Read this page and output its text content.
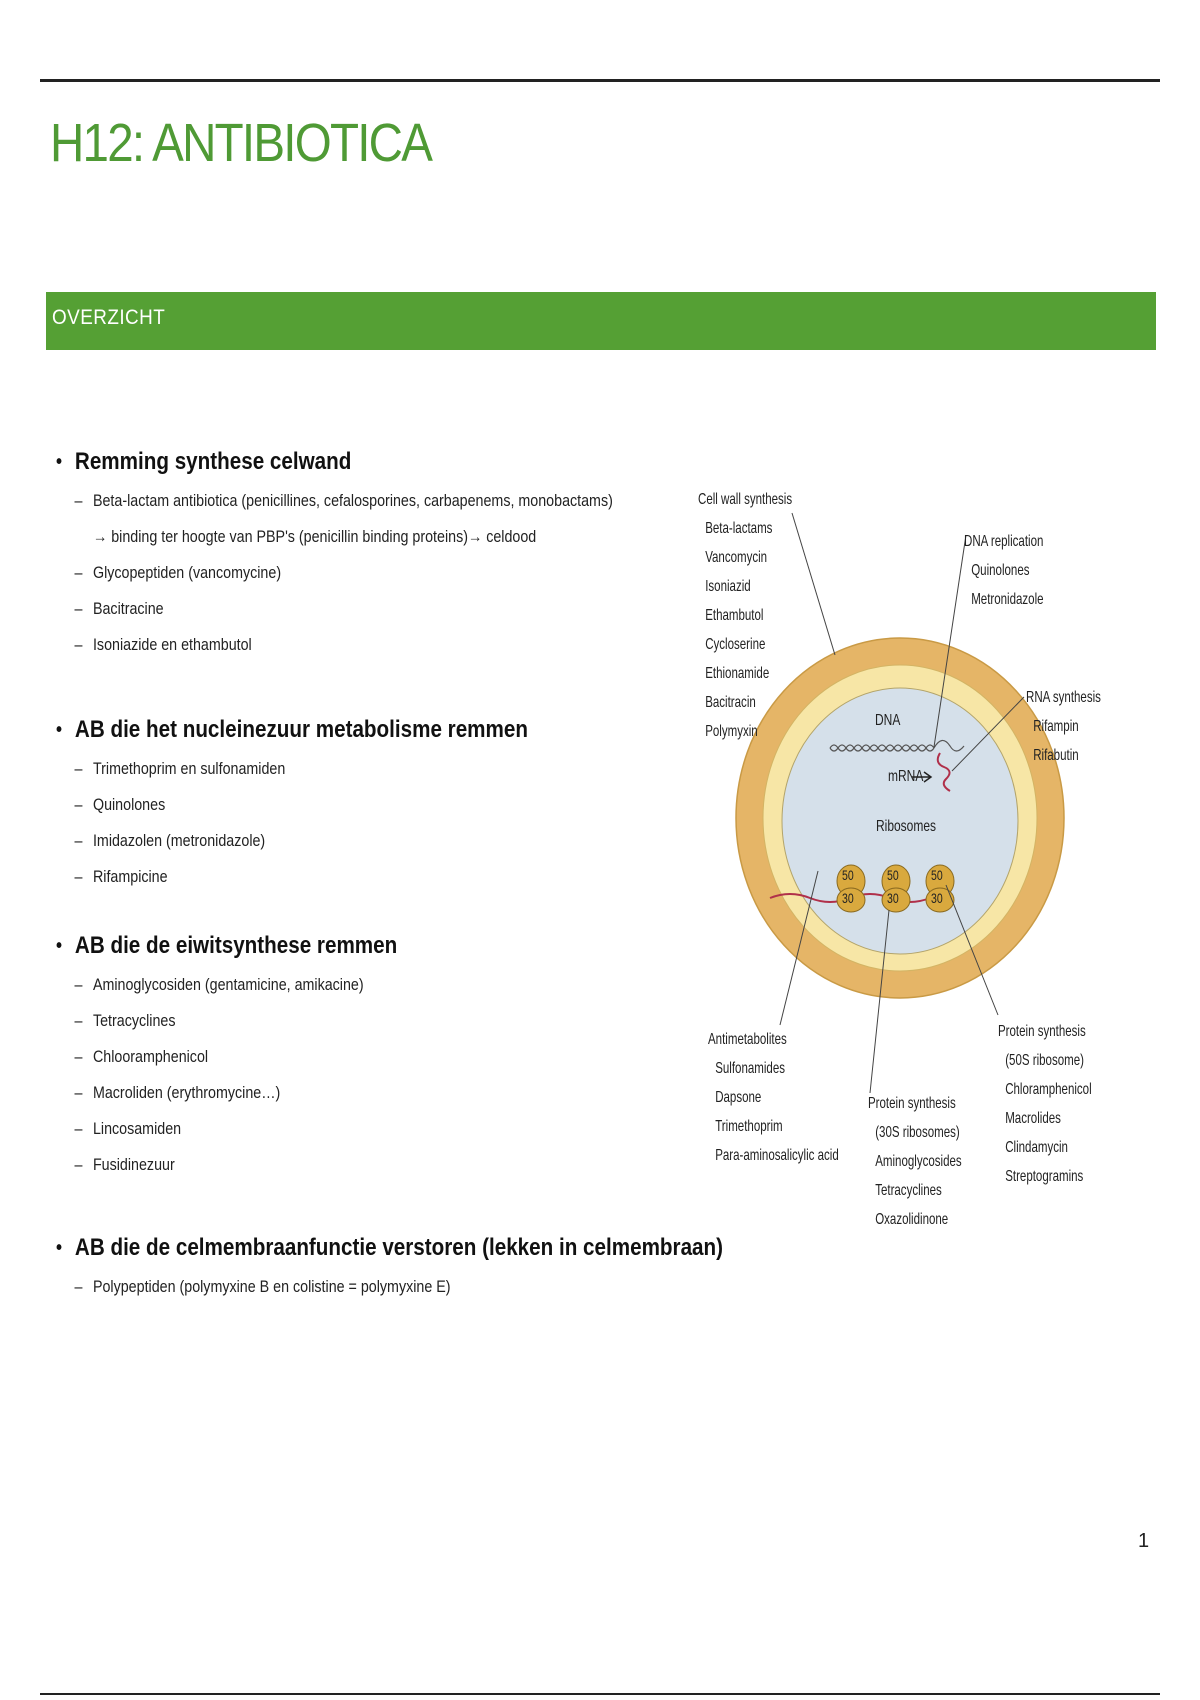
H12: ANTIBIOTICA
OVERZICHT
• Remming synthese celwand
– Beta-lactam antibiotica (penicillines, cefalosporines, carbapenems, monobactams)
→ binding ter hoogte van PBP's (penicillin binding proteins)→ celdood
– Glycopeptiden (vancomycine)
– Bacitracine
– Isoniazide en ethambutol
• AB die het nucleinezuur metabolisme remmen
– Trimethoprim en sulfonamiden
– Quinolones
– Imidazolen (metronidazole)
– Rifampicine
• AB die de eiwitsynthese remmen
– Aminoglycosiden (gentamicine, amikacine)
– Tetracyclines
– Chlooramphenicol
– Macroliden (erythromycine…)
– Lincosamiden
– Fusidinezuur
• AB die de celmembraanfunctie verstoren (lekken in celmembraan)
– Polypeptiden (polymyxine B en colistine = polymyxine E)
DNA
mRNA
Ribosomes
50
30
50
30
50
30
Cell wall synthesis
Beta-lactams
Vancomycin
Isoniazid
Ethambutol
Cycloserine
Ethionamide
Bacitracin
Polymyxin
DNA replication
Quinolones
Metronidazole
RNA synthesis
Rifampin
Rifabutin
Antimetabolites
Sulfonamides
Dapsone
Trimethoprim
Para-aminosalicylic acid
Protein synthesis
(30S ribosomes)
Aminoglycosides
Tetracyclines
Oxazolidinone
Protein synthesis
(50S ribosome)
Chloramphenicol
Macrolides
Clindamycin
Streptogramins
1
